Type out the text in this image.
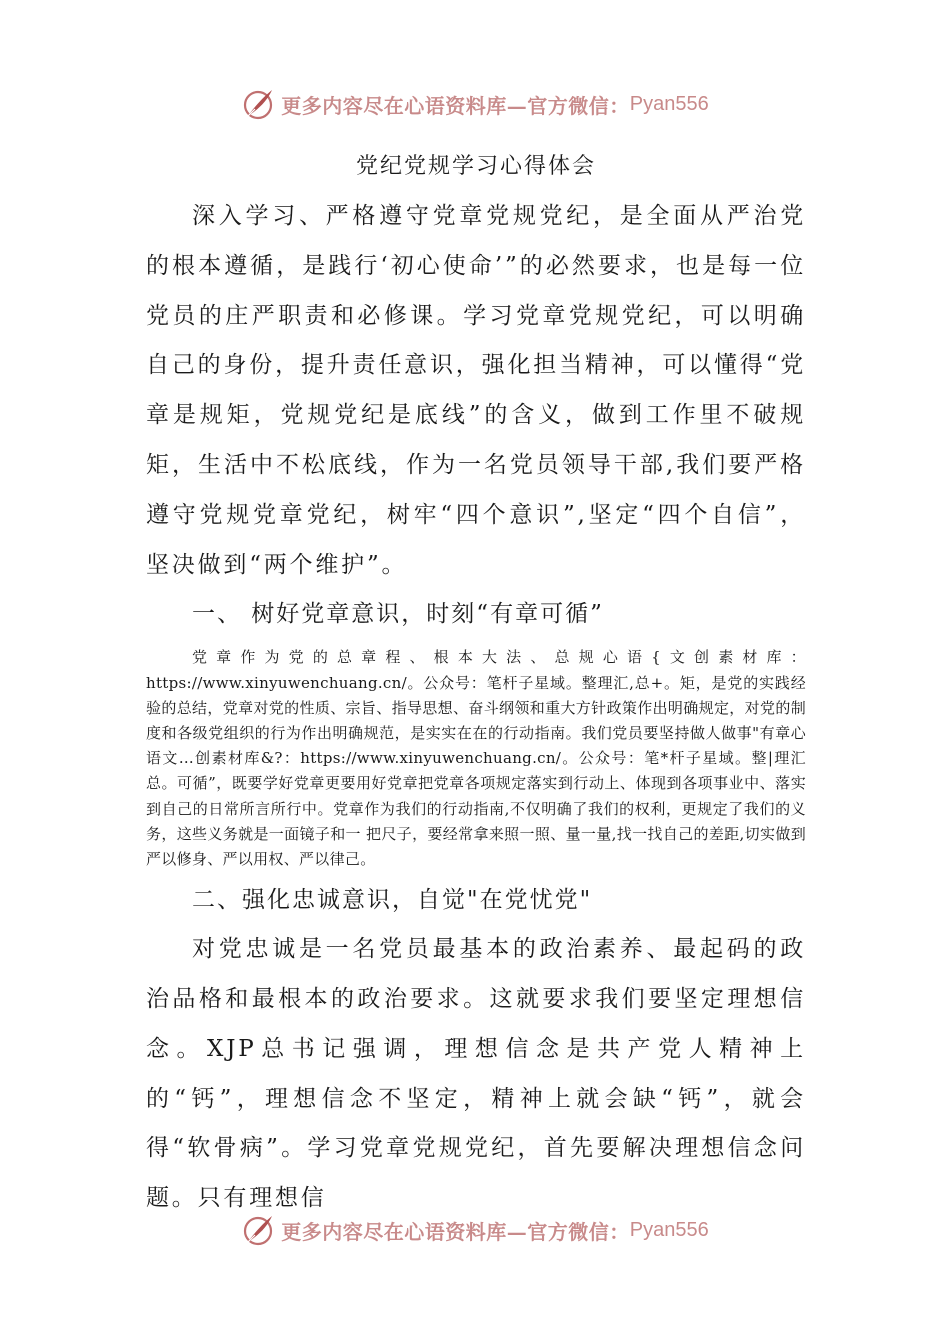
更多内容尽在心语资料库—官方微信： Pyan556
党纪党规学习心得体会

深入学习、严格遵守党章党规党纪，是全面从严治党的根本遵循，是践行‘初心使命’”的必然要求，也是每一位党员的庄严职责和必修课。学习党章党规党纪，可以明确自己的身份，提升责任意识，强化担当精神，可以懂得“党章是规矩，党规党纪是底线”的含义，做到工作里不破规矩，生活中不松底线，作为一名党员领导干部,我们要严格遵守党规党章党纪，树牢“四个意识”,坚定“四个自信”，坚决做到“两个维护”。

一、 树好党章意识，时刻“有章可循”

党章作为党的总章程、根本大法、总规心语{文创素材库：https://www.xinyuwenchuang.cn/。公众号：笔杆子星域。整理汇,总+。矩，是党的实践经验的总结，党章对党的性质、宗旨、指导思想、奋斗纲领和重大方针政策作出明确规定，对党的制度和各级党组织的行为作出明确规范，是实实在在的行动指南。我们党员要坚持做人做事"有章心语文…创素材库&?：https://www.xinyuwenchuang.cn/。公众号：笔*杆子星域。整|理汇总。可循”，既要学好党章更要用好党章把党章各项规定落实到行动上、体现到各项事业中、落实到自己的日常所言所行中。党章作为我们的行动指南,不仅明确了我们的权利，更规定了我们的义务，这些义务就是一面镜子和一 把尺子，要经常拿来照一照、量一量,找一找自己的差距,切实做到严以修身、严以用权、严以律己。

二、强化忠诚意识，自觉"在党忧党"

对党忠诚是一名党员最基本的政治素养、最起码的政治品格和最根本的政治要求。这就要求我们要坚定理想信念。XJP总书记强调，理想信念是共产党人精神上的“钙”，理想信念不坚定，精神上就会缺“钙”，就会得“软骨病”。学习党章党规党纪，首先要解决理想信念问题。只有理想信

更多内容尽在心语资料库—官方微信： Pyan556
